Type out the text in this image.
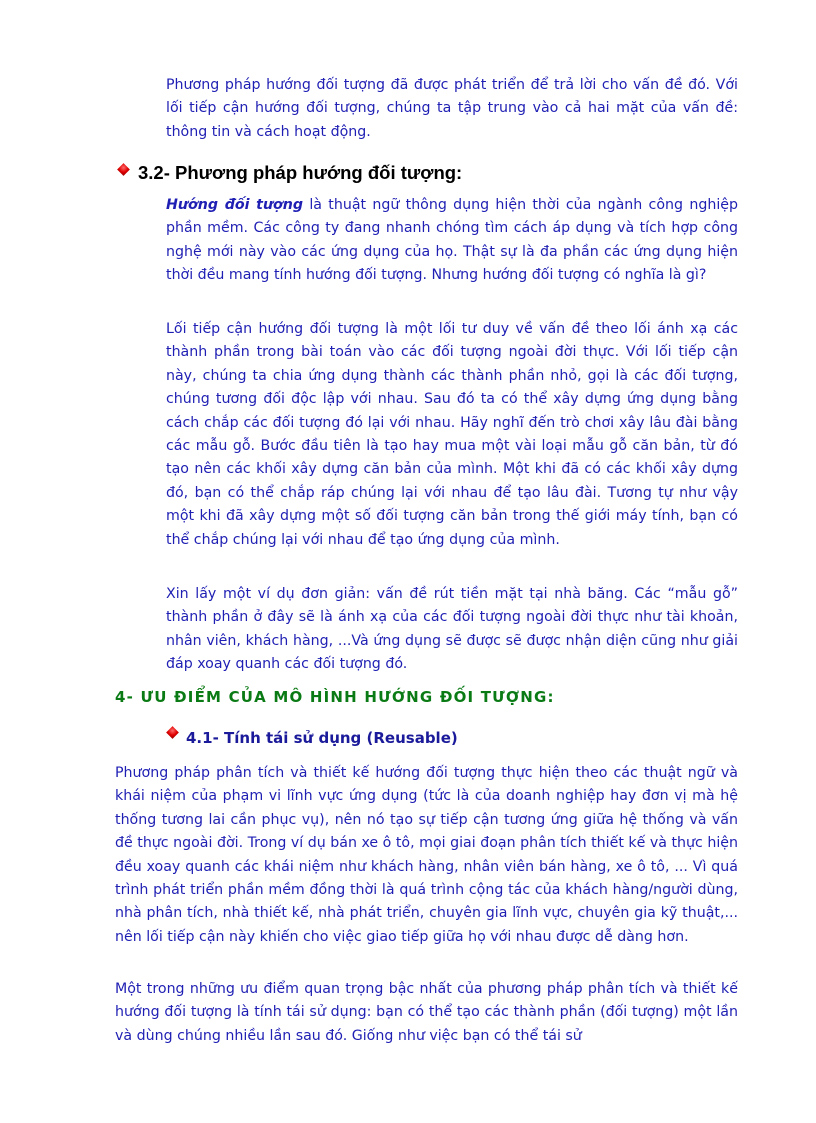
Phương pháp hướng đối tượng đã được phát triển để trả lời cho vấn đề đó. Với lối tiếp cận hướng đối tượng, chúng ta tập trung vào cả hai mặt của vấn đề: thông tin và cách hoạt động.

3.2- Phương pháp hướng đối tượng:

Hướng đối tượng là thuật ngữ thông dụng hiện thời của ngành công nghiệp phần mềm. Các công ty đang nhanh chóng tìm cách áp dụng và tích hợp công nghệ mới này vào các ứng dụng của họ. Thật sự là đa phần các ứng dụng hiện thời đều mang tính hướng đối tượng. Nhưng hướng đối tượng có nghĩa là gì?

Lối tiếp cận hướng đối tượng là một lối tư duy về vấn đề theo lối ánh xạ các thành phần trong bài toán vào các đối tượng ngoài đời thực. Với lối tiếp cận này, chúng ta chia ứng dụng thành các thành phần nhỏ, gọi là các đối tượng, chúng tương đối độc lập với nhau. Sau đó ta có thể xây dựng ứng dụng bằng cách chắp các đối tượng đó lại với nhau. Hãy nghĩ đến trò chơi xây lâu đài bằng các mẫu gỗ. Bước đầu tiên là tạo hay mua một vài loại mẫu gỗ căn bản, từ đó tạo nên các khối xây dựng căn bản của mình. Một khi đã có các khối xây dựng đó, bạn có thể chắp ráp chúng lại với nhau để tạo lâu đài. Tương tự như vậy một khi đã xây dựng một số đối tượng căn bản trong thế giới máy tính, bạn có thể chắp chúng lại với nhau để tạo ứng dụng của mình.

Xin lấy một ví dụ đơn giản: vấn đề rút tiền mặt tại nhà băng. Các “mẫu gỗ” thành phần ở đây sẽ là ánh xạ của các đối tượng ngoài đời thực như tài khoản, nhân viên, khách hàng, ...Và ứng dụng sẽ được sẽ được nhận diện cũng như giải đáp xoay quanh các đối tượng đó.

4- ƯU ĐIỂM CỦA MÔ HÌNH HƯỚNG ĐỐI TƯỢNG:
4.1- Tính tái sử dụng (Reusable)

Phương pháp phân tích và thiết kế hướng đối tượng thực hiện theo các thuật ngữ và khái niệm của phạm vi lĩnh vực ứng dụng (tức là của doanh nghiệp hay đơn vị mà hệ thống tương lai cần phục vụ), nên nó tạo sự tiếp cận tương ứng giữa hệ thống và vấn đề thực ngoài đời. Trong ví dụ bán xe ô tô, mọi giai đoạn phân tích thiết kế và thực hiện đều xoay quanh các khái niệm như khách hàng, nhân viên bán hàng, xe ô tô, ... Vì quá trình phát triển phần mềm đồng thời là quá trình cộng tác của khách hàng/người dùng, nhà phân tích, nhà thiết kế, nhà phát triển, chuyên gia lĩnh vực, chuyên gia kỹ thuật,... nên lối tiếp cận này khiến cho việc giao tiếp giữa họ với nhau được dễ dàng hơn.

Một trong những ưu điểm quan trọng bậc nhất của phương pháp phân tích và thiết kế hướng đối tượng là tính tái sử dụng: bạn có thể tạo các thành phần (đối tượng) một lần và dùng chúng nhiều lần sau đó. Giống như việc bạn có thể tái sử
